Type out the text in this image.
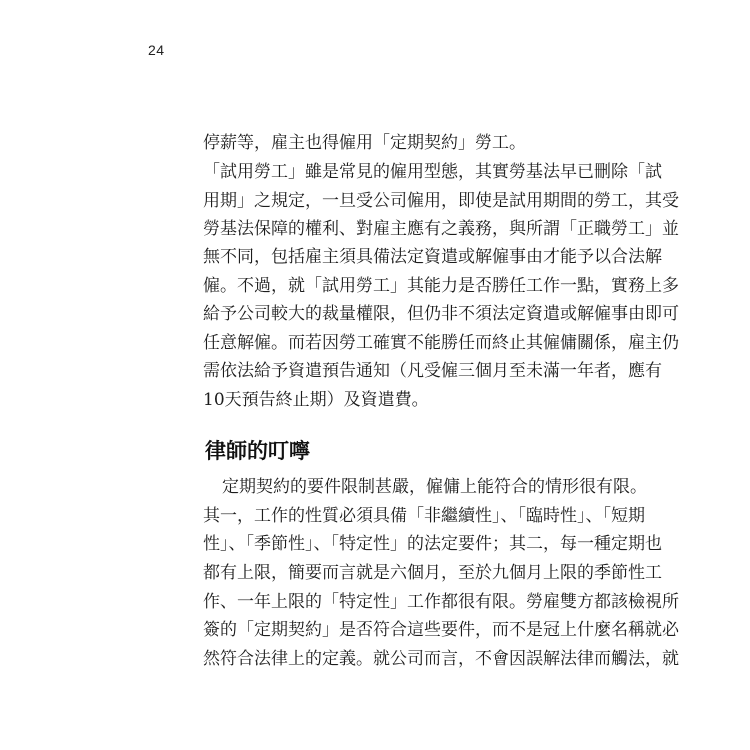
24
停薪等，雇主也得僱用「定期契約」勞工。
「試用勞工」雖是常見的僱用型態，其實勞基法早已刪除「試
用期」之規定，一旦受公司僱用，即使是試用期間的勞工，其受
勞基法保障的權利、對雇主應有之義務，與所謂「正職勞工」並
無不同，包括雇主須具備法定資遣或解僱事由才能予以合法解
僱。不過，就「試用勞工」其能力是否勝任工作一點，實務上多
給予公司較大的裁量權限，但仍非不須法定資遣或解僱事由即可
任意解僱。而若因勞工確實不能勝任而終止其僱傭關係，雇主仍
需依法給予資遣預告通知（凡受僱三個月至未滿一年者，應有
10天預告終止期）及資遣費。
律師的叮嚀
定期契約的要件限制甚嚴，僱傭上能符合的情形很有限。
其一，工作的性質必須具備「非繼續性」、「臨時性」、「短期
性」、「季節性」、「特定性」的法定要件；其二，每一種定期也
都有上限，簡要而言就是六個月，至於九個月上限的季節性工
作、一年上限的「特定性」工作都很有限。勞雇雙方都該檢視所
簽的「定期契約」是否符合這些要件，而不是冠上什麼名稱就必
然符合法律上的定義。就公司而言，不會因誤解法律而觸法，就
